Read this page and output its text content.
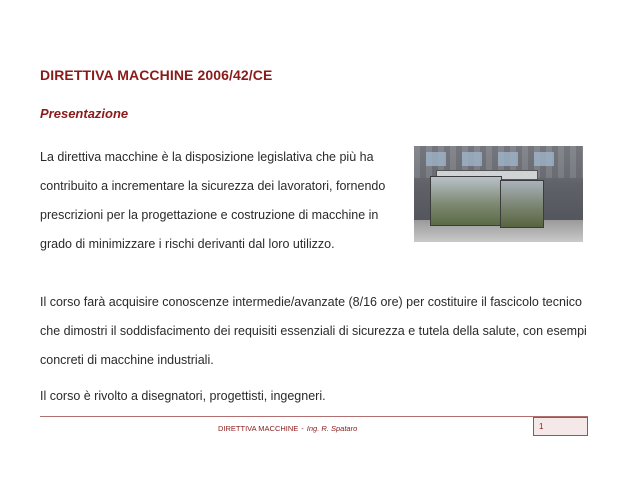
DIRETTIVA MACCHINE 2006/42/CE
Presentazione
La direttiva macchine è la disposizione legislativa che più ha contribuito a incrementare la sicurezza dei lavoratori, fornendo prescrizioni per la progettazione e costruzione di macchine in grado di minimizzare i rischi derivanti dal loro utilizzo.
Il corso farà acquisire conoscenze intermedie/avanzate (8/16 ore) per costituire il fascicolo tecnico che dimostri il soddisfacimento dei requisiti essenziali di sicurezza e tutela della salute, con esempi concreti di macchine industriali.
Il corso è rivolto a disegnatori, progettisti, ingegneri.
DIRETTIVA MACCHINE - Ing. R. Spataro	1
